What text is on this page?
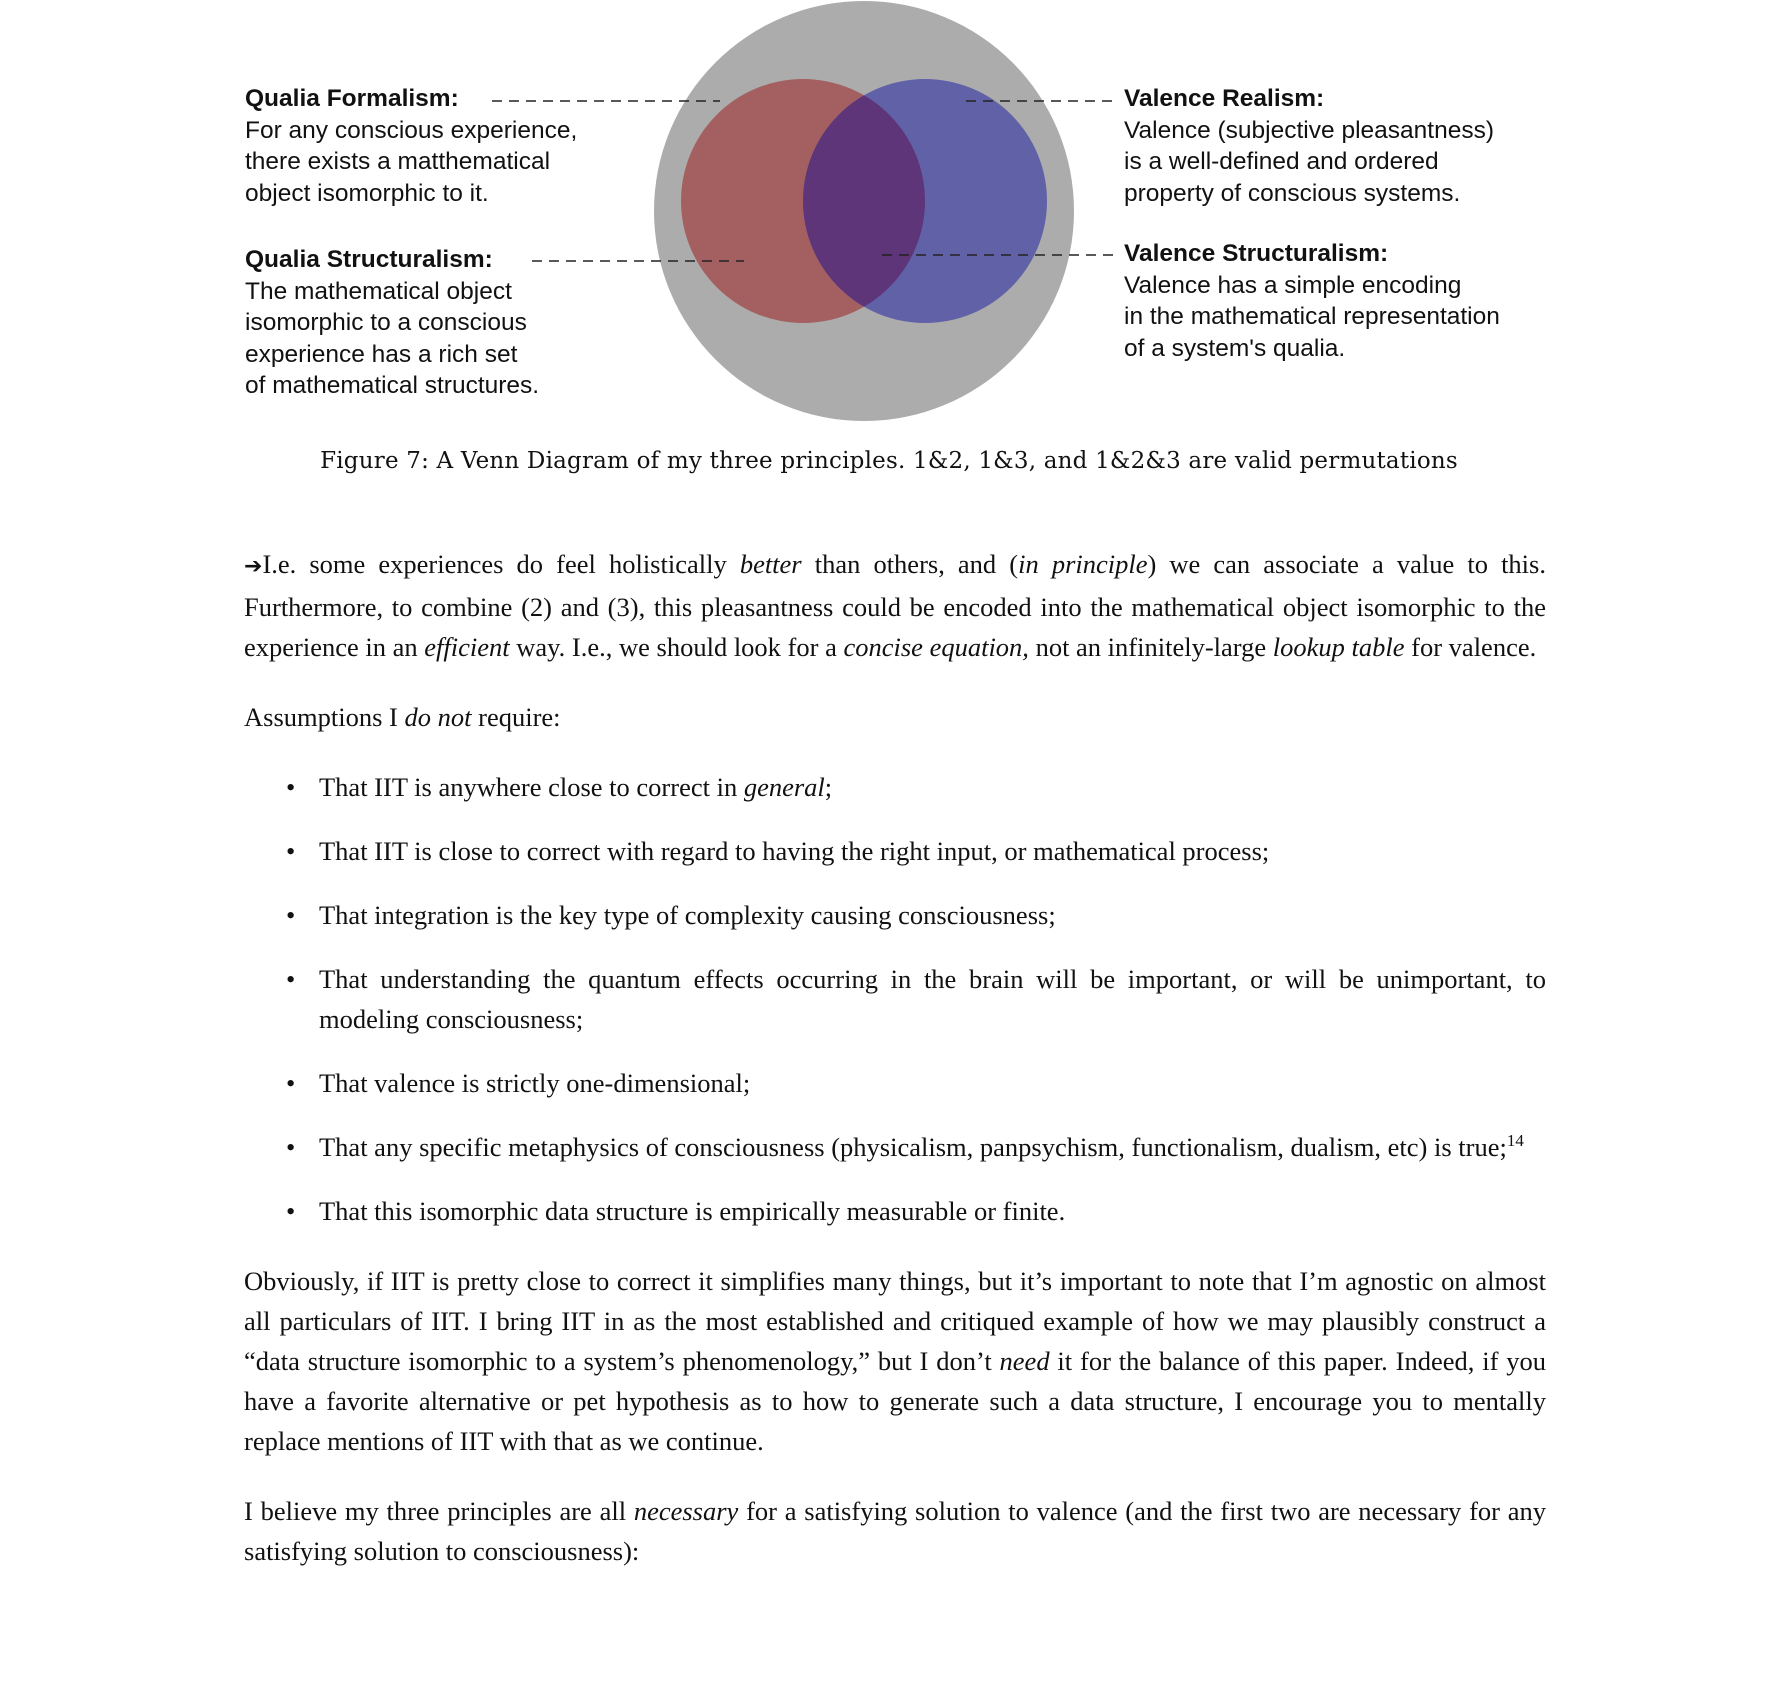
Qualia Formalism:
For any conscious experience,
there exists a matthematical
object isomorphic to it.
Qualia Structuralism:
The mathematical object
isomorphic to a conscious
experience has a rich set
of mathematical structures.
Valence Realism:
Valence (subjective pleasantness)
is a well-defined and ordered
property of conscious systems.
Valence Structuralism:
Valence has a simple encoding
in the mathematical representation
of a system's qualia.
Figure 7: A Venn Diagram of my three principles. 1&2, 1&3, and 1&2&3 are valid permutations

➔I.e. some experiences do feel holistically better than others, and (in principle) we can associate a value to this. Furthermore, to combine (2) and (3), this pleasantness could be encoded into the mathematical object isomorphic to the experience in an efficient way. I.e., we should look for a concise equation, not an infinitely-large lookup table for valence.

Assumptions I do not require:

• That IIT is anywhere close to correct in general;
• That IIT is close to correct with regard to having the right input, or mathematical process;
• That integration is the key type of complexity causing consciousness;
• That understanding the quantum effects occurring in the brain will be important, or will be unimportant, to modeling consciousness;
• That valence is strictly one-dimensional;
• That any specific metaphysics of consciousness (physicalism, panpsychism, functionalism, dualism, etc) is true;$^{14}$
• That this isomorphic data structure is empirically measurable or finite.

Obviously, if IIT is pretty close to correct it simplifies many things, but it’s important to note that I’m agnostic on almost all particulars of IIT. I bring IIT in as the most established and critiqued example of how we may plausibly construct a “data structure isomorphic to a system’s phenomenology,” but I don’t need it for the balance of this paper. Indeed, if you have a favorite alternative or pet hypothesis as to how to generate such a data structure, I encourage you to mentally replace mentions of IIT with that as we continue.

I believe my three principles are all necessary for a satisfying solution to valence (and the first two are necessary for any satisfying solution to consciousness):
